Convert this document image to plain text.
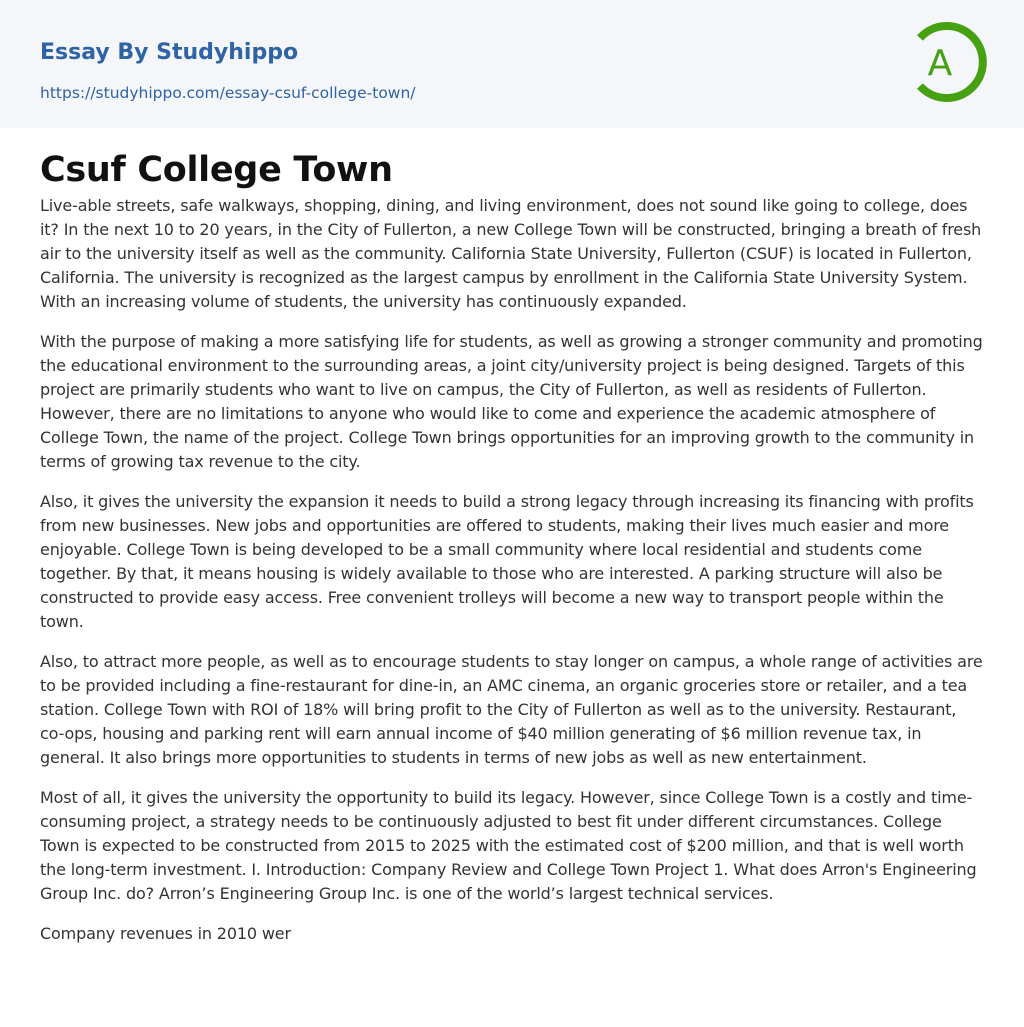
Essay By Studyhippo
https://studyhippo.com/essay-csuf-college-town/
A
Csuf College Town

Live-able streets, safe walkways, shopping, dining, and living environment, does not sound like going to college, does it? In the next 10 to 20 years, in the City of Fullerton, a new College Town will be constructed, bringing a breath of fresh air to the university itself as well as the community. California State University, Fullerton (CSUF) is located in Fullerton, California. The university is recognized as the largest campus by enrollment in the California State University System. With an increasing volume of students, the university has continuously expanded.

With the purpose of making a more satisfying life for students, as well as growing a stronger community and promoting the educational environment to the surrounding areas, a joint city/university project is being designed. Targets of this project are primarily students who want to live on campus, the City of Fullerton, as well as residents of Fullerton. However, there are no limitations to anyone who would like to come and experience the academic atmosphere of College Town, the name of the project. College Town brings opportunities for an improving growth to the community in terms of growing tax revenue to the city.

Also, it gives the university the expansion it needs to build a strong legacy through increasing its financing with profits from new businesses. New jobs and opportunities are offered to students, making their lives much easier and more enjoyable. College Town is being developed to be a small community where local residential and students come together. By that, it means housing is widely available to those who are interested. A parking structure will also be constructed to provide easy access. Free convenient trolleys will become a new way to transport people within the town.

Also, to attract more people, as well as to encourage students to stay longer on campus, a whole range of activities are to be provided including a fine-restaurant for dine-in, an AMC cinema, an organic groceries store or retailer, and a tea station. College Town with ROI of 18% will bring profit to the City of Fullerton as well as to the university. Restaurant, co-ops, housing and parking rent will earn annual income of $40 million generating of $6 million revenue tax, in general. It also brings more opportunities to students in terms of new jobs as well as new entertainment.

Most of all, it gives the university the opportunity to build its legacy. However, since College Town is a costly and time-consuming project, a strategy needs to be continuously adjusted to best fit under different circumstances. College Town is expected to be constructed from 2015 to 2025 with the estimated cost of $200 million, and that is well worth the long-term investment. I. Introduction: Company Review and College Town Project 1. What does Arron's Engineering Group Inc. do? Arron’s Engineering Group Inc. is one of the world’s largest technical services.

Company revenues in 2010 wer
